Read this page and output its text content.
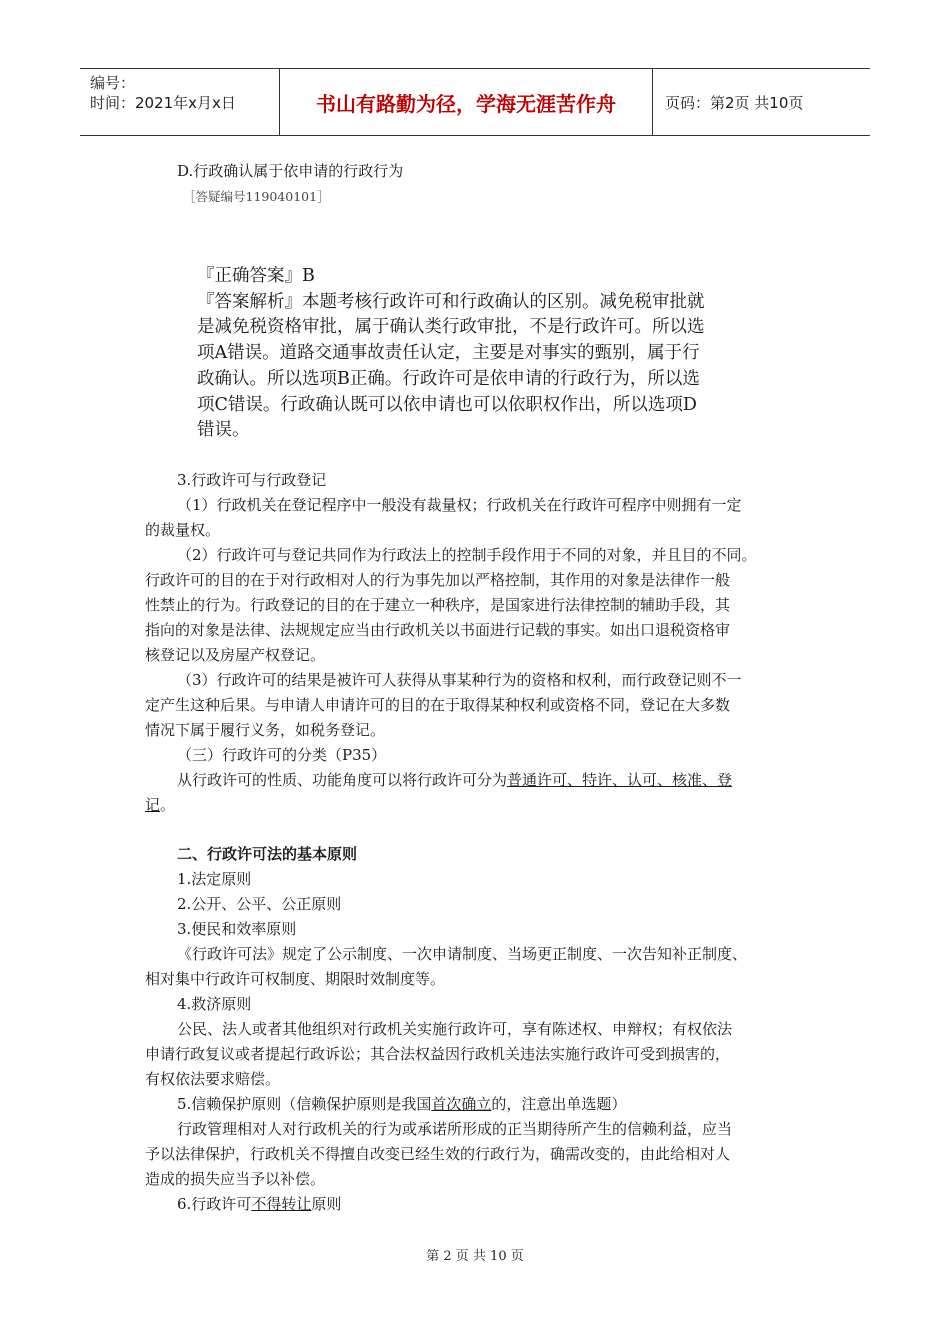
编号：
时间：2021年x月x日	书山有路勤为径，学海无涯苦作舟	页码：第2页 共10页
D.行政确认属于依申请的行政行为
［答疑编号119040101］
『正确答案』B
『答案解析』本题考核行政许可和行政确认的区别。减免税审批就
是减免税资格审批，属于确认类行政审批，不是行政许可。所以选
项A错误。道路交通事故责任认定，主要是对事实的甄别，属于行
政确认。所以选项B正确。行政许可是依申请的行政行为，所以选
项C错误。行政确认既可以依申请也可以依职权作出，所以选项D
错误。
3.行政许可与行政登记
（1）行政机关在登记程序中一般没有裁量权；行政机关在行政许可程序中则拥有一定
的裁量权。
（2）行政许可与登记共同作为行政法上的控制手段作用于不同的对象，并且目的不同。
行政许可的目的在于对行政相对人的行为事先加以严格控制，其作用的对象是法律作一般
性禁止的行为。行政登记的目的在于建立一种秩序，是国家进行法律控制的辅助手段，其
指向的对象是法律、法规规定应当由行政机关以书面进行记载的事实。如出口退税资格审
核登记以及房屋产权登记。
（3）行政许可的结果是被许可人获得从事某种行为的资格和权利，而行政登记则不一
定产生这种后果。与申请人申请许可的目的在于取得某种权利或资格不同，登记在大多数
情况下属于履行义务，如税务登记。
（三）行政许可的分类（P35）
从行政许可的性质、功能角度可以将行政许可分为普通许可、特许、认可、核准、登
记。
二、行政许可法的基本原则
1.法定原则
2.公开、公平、公正原则
3.便民和效率原则
《行政许可法》规定了公示制度、一次申请制度、当场更正制度、一次告知补正制度、
相对集中行政许可权制度、期限时效制度等。
4.救济原则
公民、法人或者其他组织对行政机关实施行政许可，享有陈述权、申辩权；有权依法
申请行政复议或者提起行政诉讼；其合法权益因行政机关违法实施行政许可受到损害的，
有权依法要求赔偿。
5.信赖保护原则（信赖保护原则是我国首次确立的，注意出单选题）
行政管理相对人对行政机关的行为或承诺所形成的正当期待所产生的信赖利益，应当
予以法律保护，行政机关不得擅自改变已经生效的行政行为，确需改变的，由此给相对人
造成的损失应当予以补偿。
6.行政许可不得转让原则
第 2 页 共 10 页
